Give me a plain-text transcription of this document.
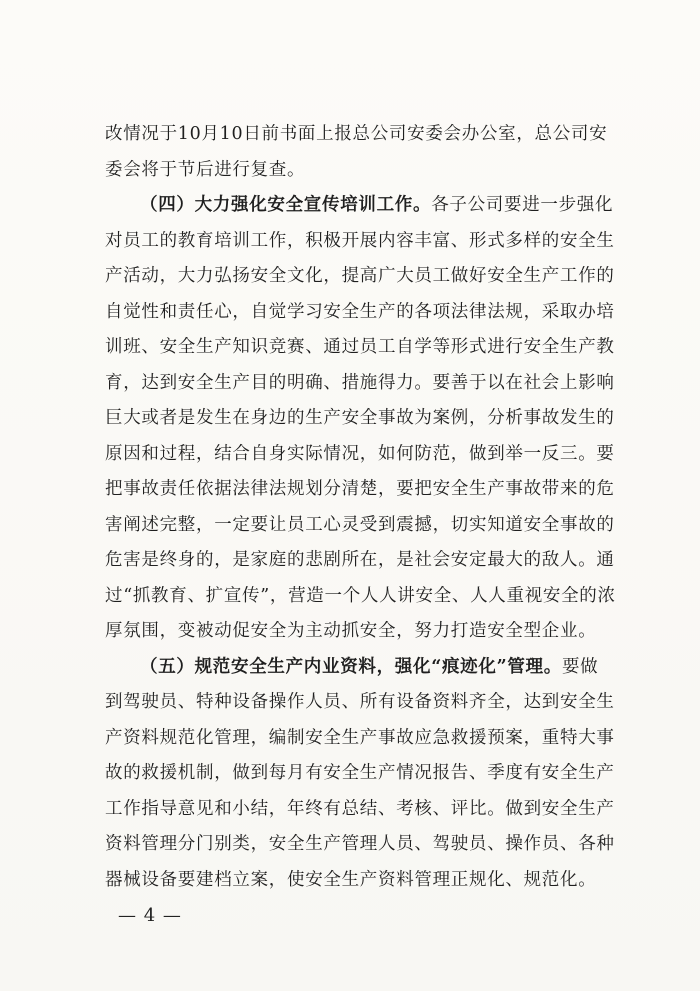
改情况于10月10日前书面上报总公司安委会办公室，总公司安
委会将于节后进行复查。
（四）大力强化安全宣传培训工作。各子公司要进一步强化
对员工的教育培训工作，积极开展内容丰富、形式多样的安全生
产活动，大力弘扬安全文化，提高广大员工做好安全生产工作的
自觉性和责任心，自觉学习安全生产的各项法律法规，采取办培
训班、安全生产知识竞赛、通过员工自学等形式进行安全生产教
育，达到安全生产目的明确、措施得力。要善于以在社会上影响
巨大或者是发生在身边的生产安全事故为案例，分析事故发生的
原因和过程，结合自身实际情况，如何防范，做到举一反三。要
把事故责任依据法律法规划分清楚，要把安全生产事故带来的危
害阐述完整，一定要让员工心灵受到震撼，切实知道安全事故的
危害是终身的，是家庭的悲剧所在，是社会安定最大的敌人。通
过“抓教育、扩宣传”，营造一个人人讲安全、人人重视安全的浓
厚氛围，变被动促安全为主动抓安全，努力打造安全型企业。
（五）规范安全生产内业资料，强化“痕迹化”管理。要做
到驾驶员、特种设备操作人员、所有设备资料齐全，达到安全生
产资料规范化管理，编制安全生产事故应急救援预案，重特大事
故的救援机制，做到每月有安全生产情况报告、季度有安全生产
工作指导意见和小结，年终有总结、考核、评比。做到安全生产
资料管理分门别类，安全生产管理人员、驾驶员、操作员、各种
器械设备要建档立案，使安全生产资料管理正规化、规范化。
— 4 —
